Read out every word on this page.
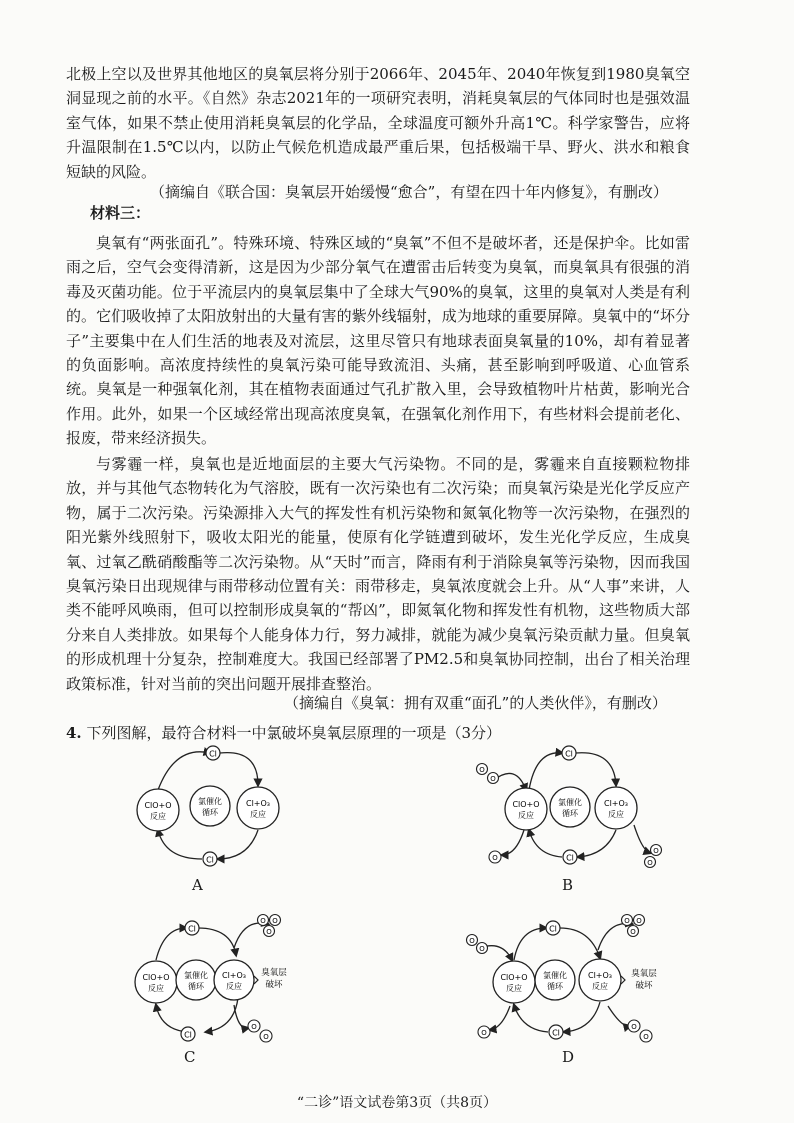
北极上空以及世界其他地区的臭氧层将分别于2066年、2045年、2040年恢复到1980臭氧空洞显现之前的水平。《自然》杂志2021年的一项研究表明，消耗臭氧层的气体同时也是强效温室气体，如果不禁止使用消耗臭氧层的化学品，全球温度可额外升高1℃。科学家警告，应将升温限制在1.5℃以内，以防止气候危机造成最严重后果，包括极端干旱、野火、洪水和粮食短缺的风险。

（摘编自《联合国：臭氧层开始缓慢“愈合”，有望在四十年内修复》，有删改）
材料三：

臭氧有“两张面孔”。特殊环境、特殊区域的“臭氧”不但不是破坏者，还是保护伞。比如雷雨之后，空气会变得清新，这是因为少部分氧气在遭雷击后转变为臭氧，而臭氧具有很强的消毒及灭菌功能。位于平流层内的臭氧层集中了全球大气90%的臭氧，这里的臭氧对人类是有利的。它们吸收掉了太阳放射出的大量有害的紫外线辐射，成为地球的重要屏障。臭氧中的“坏分子”主要集中在人们生活的地表及对流层，这里尽管只有地球表面臭氧量的10%，却有着显著的负面影响。高浓度持续性的臭氧污染可能导致流泪、头痛，甚至影响到呼吸道、心血管系统。臭氧是一种强氧化剂，其在植物表面通过气孔扩散入里，会导致植物叶片枯黄，影响光合作用。此外，如果一个区域经常出现高浓度臭氧，在强氧化剂作用下，有些材料会提前老化、报废，带来经济损失。

与雾霾一样，臭氧也是近地面层的主要大气污染物。不同的是，雾霾来自直接颗粒物排放，并与其他气态物转化为气溶胶，既有一次污染也有二次污染；而臭氧污染是光化学反应产物，属于二次污染。污染源排入大气的挥发性有机污染物和氮氧化物等一次污染物，在强烈的阳光紫外线照射下，吸收太阳光的能量，使原有化学链遭到破坏，发生光化学反应，生成臭氧、过氧乙酰硝酸酯等二次污染物。从“天时”而言，降雨有利于消除臭氧等污染物，因而我国臭氧污染日出现规律与雨带移动位置有关：雨带移走，臭氧浓度就会上升。从“人事”来讲，人类不能呼风唤雨，但可以控制形成臭氧的“帮凶”，即氮氧化物和挥发性有机物，这些物质大部分来自人类排放。如果每个人能身体力行，努力减排，就能为减少臭氧污染贡献力量。但臭氧的形成机理十分复杂，控制难度大。我国已经部署了PM2.5和臭氧协同控制，出台了相关治理政策标准，针对当前的突出问题开展排查整治。

（摘编自《臭氧：拥有双重“面孔”的人类伙伴》，有删改）
4. 下列图解，最符合材料一中氯破坏臭氧层原理的一项是（3分）
Cl
Cl
ClO+O
反应
氯催化
循环
Cl+O₃
反应
A
O
O
Cl
Cl
O
O
O
ClO+O
反应
氯催化
循环
Cl+O₃
反应
B
Cl
Cl
O O
O
O
O
ClO+O
反应
氯催化
循环
Cl+O₃
反应
臭氧层
破坏
C
O
O
Cl
Cl
O O
O
O
O
O
ClO+O
反应
氯催化
循环
Cl+O₃
反应
臭氧层
破坏
D
“二诊”语文试卷第3页（共8页）
